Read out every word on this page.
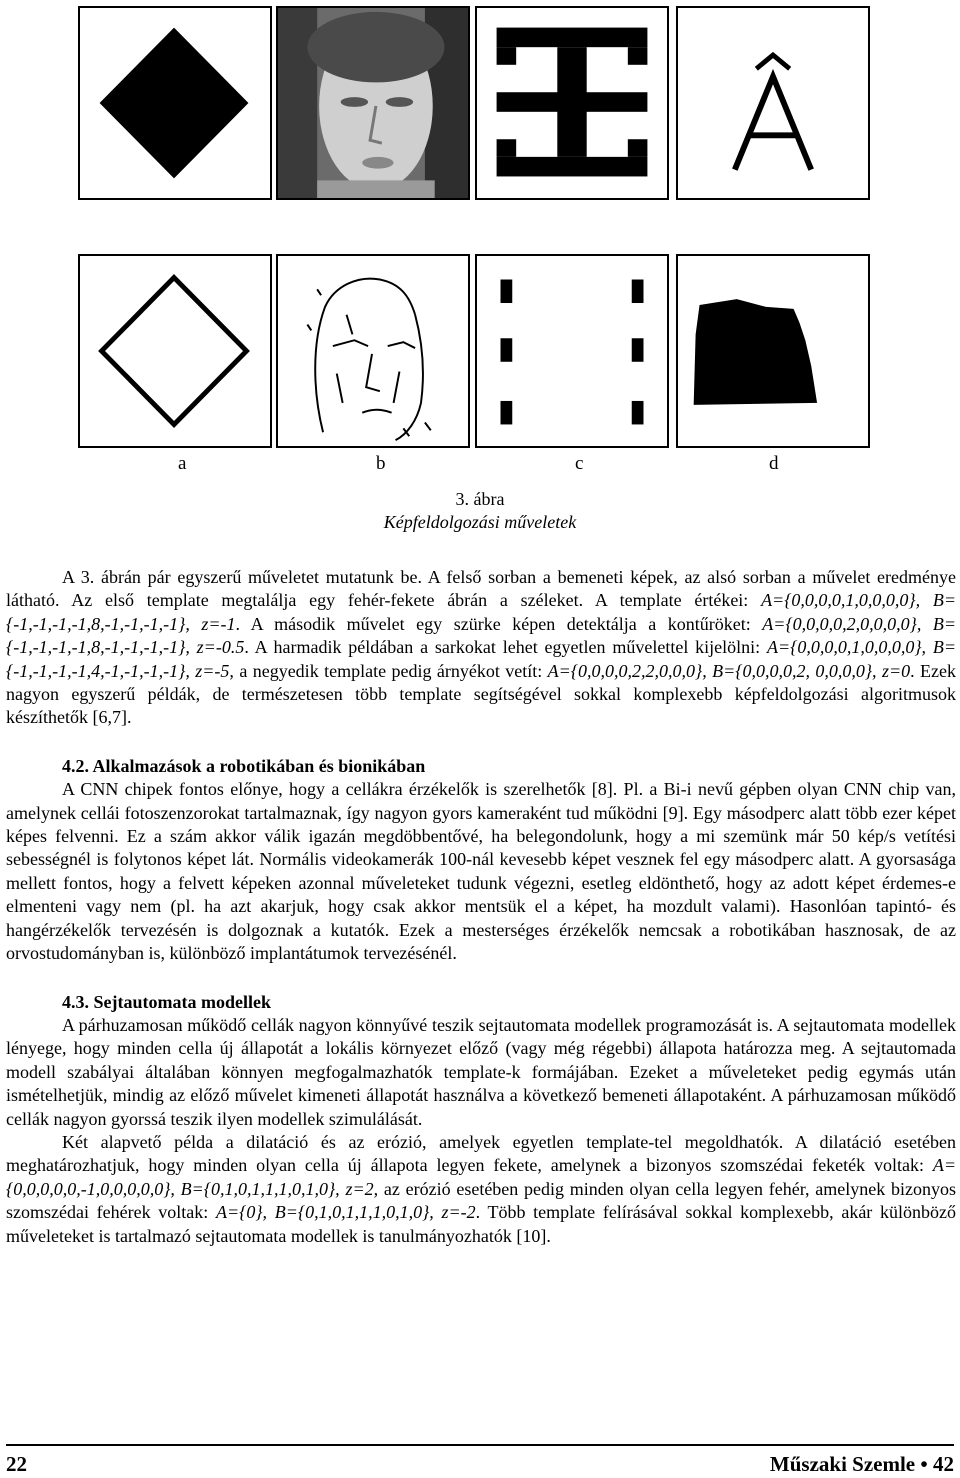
a	b	c	d
3. ábra
Képfeldolgozási műveletek

A 3. ábrán pár egyszerű műveletet mutatunk be. A felső sorban a bemeneti képek, az alsó sorban a művelet eredménye látható. Az első template megtalálja egy fehér-fekete ábrán a széleket. A template értékei: A={0,0,0,0,1,0,0,0,0}, B={-1,-1,-1,-1,8,-1,-1,-1,-1}, z=-1. A második művelet egy szürke képen detektálja a kontűröket: A={0,0,0,0,2,0,0,0,0}, B={-1,-1,-1,-1,8,-1,-1,-1,-1}, z=-0.5. A harmadik példában a sarkokat lehet egyetlen művelettel kijelölni: A={0,0,0,0,1,0,0,0,0}, B={-1,-1,-1,-1,4,-1,-1,-1,-1}, z=-5, a negyedik template pedig árnyékot vetít: A={0,0,0,0,2,2,0,0,0}, B={0,0,0,0,2, 0,0,0,0}, z=0. Ezek nagyon egyszerű példák, de természetesen több template segítségével sokkal komplexebb képfeldolgozási algoritmusok készíthetők [6,7].

4.2. Alkalmazások a robotikában és bionikában

A CNN chipek fontos előnye, hogy a cellákra érzékelők is szerelhetők [8]. Pl. a Bi-i nevű gépben olyan CNN chip van, amelynek cellái fotoszenzorokat tartalmaznak, így nagyon gyors kameraként tud működni [9]. Egy másodperc alatt több ezer képet képes felvenni. Ez a szám akkor válik igazán megdöbbentővé, ha belegondolunk, hogy a mi szemünk már 50 kép/s vetítési sebességnél is folytonos képet lát. Normális videokamerák 100-nál kevesebb képet vesznek fel egy másodperc alatt. A gyorsasága mellett fontos, hogy a felvett képeken azonnal műveleteket tudunk végezni, esetleg eldönthető, hogy az adott képet érdemes-e elmenteni vagy nem (pl. ha azt akarjuk, hogy csak akkor mentsük el a képet, ha mozdult valami). Hasonlóan tapintó- és hangérzékelők tervezésén is dolgoznak a kutatók. Ezek a mesterséges érzékelők nemcsak a robotikában hasznosak, de az orvostudományban is, különböző implantátumok tervezésénél.

4.3. Sejtautomata modellek

A párhuzamosan működő cellák nagyon könnyűvé teszik sejtautomata modellek programozását is. A sejtautomata modellek lényege, hogy minden cella új állapotát a lokális környezet előző (vagy még régebbi) állapota határozza meg. A sejtautomada modell szabályai általában könnyen megfogalmazhatók template-k formájában. Ezeket a műveleteket pedig egymás után ismételhetjük, mindig az előző művelet kimeneti állapotát használva a következő bemeneti állapotaként. A párhuzamosan működő cellák nagyon gyorssá teszik ilyen modellek szimulálását.

Két alapvető példa a dilatáció és az erózió, amelyek egyetlen template-tel megoldhatók. A dilatáció esetében meghatározhatjuk, hogy minden olyan cella új állapota legyen fekete, amelynek a bizonyos szomszédai feketék voltak: A={0,0,0,0,0,-1,0,0,0,0,0}, B={0,1,0,1,1,1,0,1,0}, z=2, az erózió esetében pedig minden olyan cella legyen fehér, amelynek bizonyos szomszédai fehérek voltak: A={0}, B={0,1,0,1,1,1,0,1,0}, z=-2. Több template felírásával sokkal komplexebb, akár különböző műveleteket is tartalmazó sejtautomata modellek is tanulmányozhatók [10].

22	Műszaki Szemle • 42
